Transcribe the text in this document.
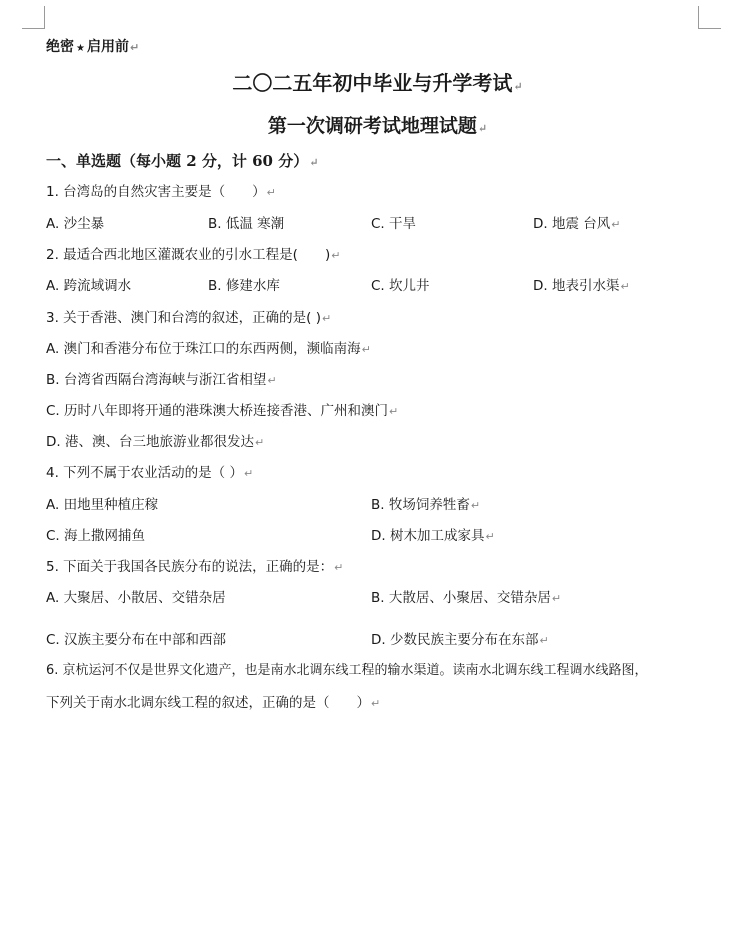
绝密 ★ 启用前↵
二〇二五年初中毕业与升学考试↵
第一次调研考试地理试题↵
一、单选题（每小题 2 分，计 60 分）↵
1. 台湾岛的自然灾害主要是（　　）↵
A. 沙尘暴	B. 低温 寒潮	C. 干旱	D. 地震 台风↵
2. 最适合西北地区灌溉农业的引水工程是(　　)↵
A. 跨流域调水	B. 修建水库	C. 坎儿井	D. 地表引水渠↵
3. 关于香港、澳门和台湾的叙述，正确的是( )↵
A. 澳门和香港分布位于珠江口的东西两侧，濒临南海↵
B. 台湾省西隔台湾海峡与浙江省相望↵
C. 历时八年即将开通的港珠澳大桥连接香港、广州和澳门↵
D. 港、澳、台三地旅游业都很发达↵
4. 下列不属于农业活动的是（ ）↵
A. 田地里种植庄稼	B. 牧场饲养牲畜↵
C. 海上撒网捕鱼	D. 树木加工成家具↵
5. 下面关于我国各民族分布的说法，正确的是：↵
A. 大聚居、小散居、交错杂居	B. 大散居、小聚居、交错杂居↵
C. 汉族主要分布在中部和西部	D. 少数民族主要分布在东部↵
6. 京杭运河不仅是世界文化遗产，也是南水北调东线工程的输水渠道。读南水北调东线工程调水线路图，
下列关于南水北调东线工程的叙述，正确的是（　　）↵
